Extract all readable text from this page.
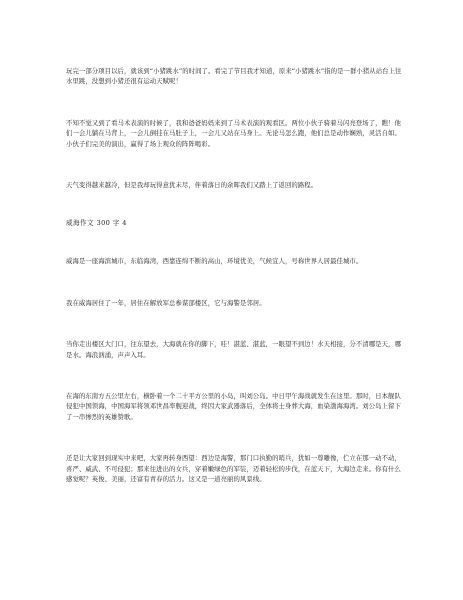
玩完一部分项目以后，就该到“小猪跳水”的时间了。看完了节目我才知道，原来“小猪跳水”指的是一群小猪从站台上往水里跳，没想到小猪还很有运动天赋呢！

不知不觉又到了看马术表演的时候了，我和爸爸妈妈来到了马术表演的观看区。两位小伙子骑着马闪亮登场了，瞧！他们一会儿躺在马背上，一会儿倒挂在马肚子上，一会儿又站在马身上。无论马怎么跑，他们总是动作娴熟，灵活自如。小伙子们完美的演出，赢得了场上观众的阵阵喝彩。

天气变得越来越冷，但是我却玩得意犹未尽，伴着落日的余晖我们又踏上了返回的路程。

威海作文 300 字 4

威海是一座海滨城市，东临海湾，西靠连绵不断的高山，环境优美，气候宜人，号称世界人居最佳城市。

我在威海居住了一年，居住在解放军总参谋部楼区，它与海警是邻居。

当你走出楼区大门口，往东望去，大海就在你的脚下，哇！湛蓝、湛蓝，一眼望不到边！水天相接，分不清哪是天，哪是水。海浪汹涌，声声入耳。

在海的东南方五公里左右，横卧着一个二十平方公里的小岛，叫刘公岛。中日甲午海战就发生在这里。那时，日本舰队侵犯中国领海，中国海军将领邓世昌率舰迎战，终因大家武器落后，全体将士身葬大海，血染渤海海湾。刘公岛上留下了一串惨烈的英雄赞歌。

还是让大家回到现实中来吧，大家再转身西望：西边是海警，那门口执勤的哨兵，犹如一尊雕像，伫立在那一动不动，喜严、威武、不可侵犯；那来往进出的女兵，穿着嫩绿色的军装，迈着轻松的步伐，在蓝天下，大海边走来。你有什么感觉呢？英俊、美丽，还富有青春的活力。这又是一道亮丽的风景线。
